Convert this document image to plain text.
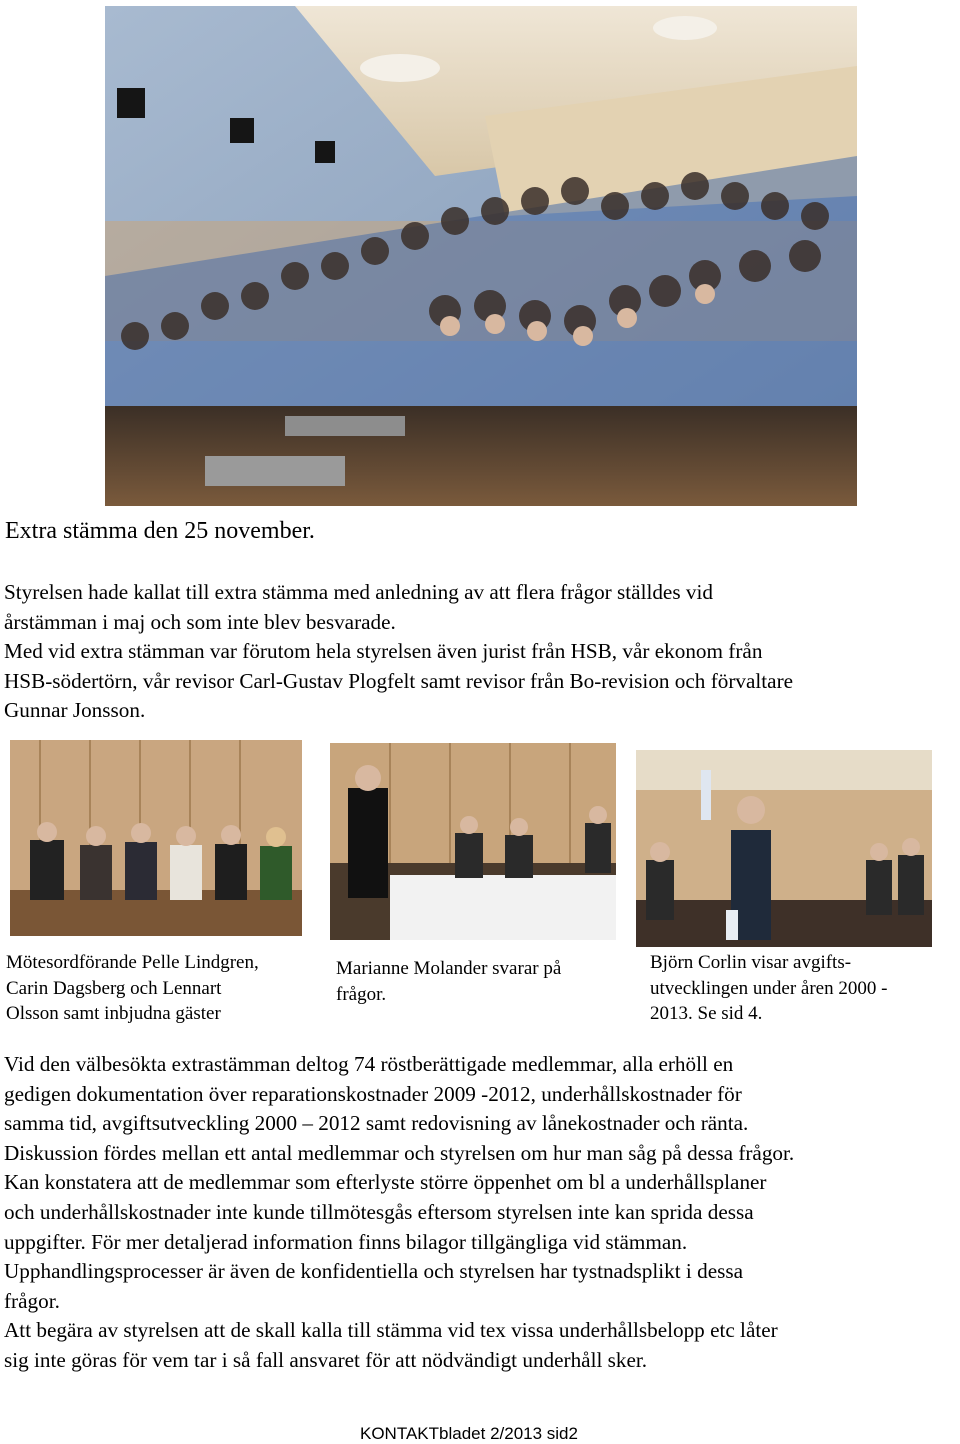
Extra stämma den 25 november.

Styrelsen hade kallat till extra stämma med anledning av att flera frågor ställdes vid
årstämman i maj och som inte blev besvarade.

Med vid extra stämman var förutom hela styrelsen även jurist från HSB, vår ekonom från
HSB-södertörn, vår revisor Carl-Gustav Plogfelt samt revisor från Bo-revision och förvaltare
Gunnar Jonsson.

Mötesordförande Pelle Lindgren,
Carin Dagsberg och Lennart
Olsson samt inbjudna gäster

Marianne Molander svarar på
frågor.

Björn Corlin visar avgifts-
utvecklingen under åren 2000 -
2013. Se sid 4.

Vid den välbesökta extrastämman deltog 74 röstberättigade medlemmar, alla erhöll en
gedigen dokumentation över reparationskostnader 2009 -2012, underhållskostnader för
samma tid, avgiftsutveckling 2000 – 2012 samt redovisning av lånekostnader och ränta.

Diskussion fördes mellan ett antal medlemmar och styrelsen om hur man såg på dessa frågor.

Kan konstatera att de medlemmar som efterlyste större öppenhet om bl a underhållsplaner
och underhållskostnader inte kunde tillmötesgås eftersom styrelsen inte kan sprida dessa
uppgifter. För mer detaljerad information finns bilagor tillgängliga vid stämman.

Upphandlingsprocesser är även de konfidentiella och styrelsen har tystnadsplikt i dessa
frågor.

Att begära av styrelsen att de skall kalla till stämma vid tex vissa underhållsbelopp etc låter
sig inte göras för vem tar i så fall ansvaret för att nödvändigt underhåll sker.

KONTAKTbladet 2/2013 sid2
